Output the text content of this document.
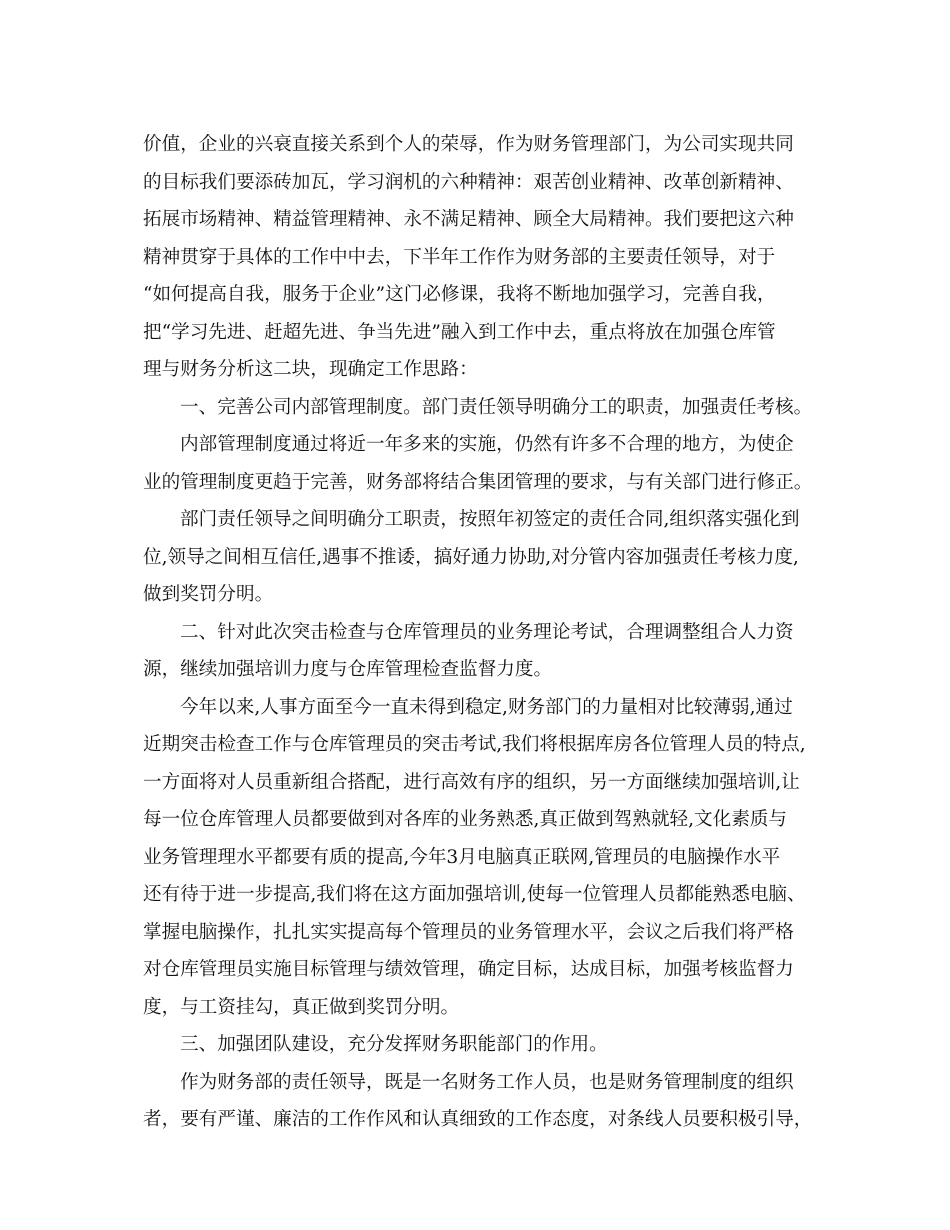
价值，企业的兴衰直接关系到个人的荣辱，作为财务管理部门，为公司实现共同
的目标我们要添砖加瓦，学习润机的六种精神：艰苦创业精神、改革创新精神、
拓展市场精神、精益管理精神、永不满足精神、顾全大局精神。我们要把这六种
精神贯穿于具体的工作中中去，下半年工作作为财务部的主要责任领导，对于
“如何提高自我，服务于企业”这门必修课，我将不断地加强学习，完善自我，
把“学习先进、赶超先进、争当先进”融入到工作中去，重点将放在加强仓库管
理与财务分析这二块，现确定工作思路：
一、完善公司内部管理制度。部门责任领导明确分工的职责，加强责任考核。
内部管理制度通过将近一年多来的实施，仍然有许多不合理的地方，为使企
业的管理制度更趋于完善，财务部将结合集团管理的要求，与有关部门进行修正。
部门责任领导之间明确分工职责，按照年初签定的责任合同,组织落实强化到
位,领导之间相互信任,遇事不推诿，搞好通力协助,对分管内容加强责任考核力度,
做到奖罚分明。
二、针对此次突击检查与仓库管理员的业务理论考试，合理调整组合人力资
源，继续加强培训力度与仓库管理检查监督力度。
今年以来,人事方面至今一直未得到稳定,财务部门的力量相对比较薄弱,通过
近期突击检查工作与仓库管理员的突击考试,我们将根据库房各位管理人员的特点,
一方面将对人员重新组合搭配，进行高效有序的组织，另一方面继续加强培训,让
每一位仓库管理人员都要做到对各库的业务熟悉,真正做到驾熟就轻,文化素质与
业务管理理水平都要有质的提高,今年3月电脑真正联网,管理员的电脑操作水平
还有待于进一步提高,我们将在这方面加强培训,使每一位管理人员都能熟悉电脑、
掌握电脑操作，扎扎实实提高每个管理员的业务管理水平，会议之后我们将严格
对仓库管理员实施目标管理与绩效管理，确定目标，达成目标，加强考核监督力
度，与工资挂勾，真正做到奖罚分明。
三、加强团队建设，充分发挥财务职能部门的作用。
作为财务部的责任领导，既是一名财务工作人员，也是财务管理制度的组织
者，要有严谨、廉洁的工作作风和认真细致的工作态度，对条线人员要积极引导，
